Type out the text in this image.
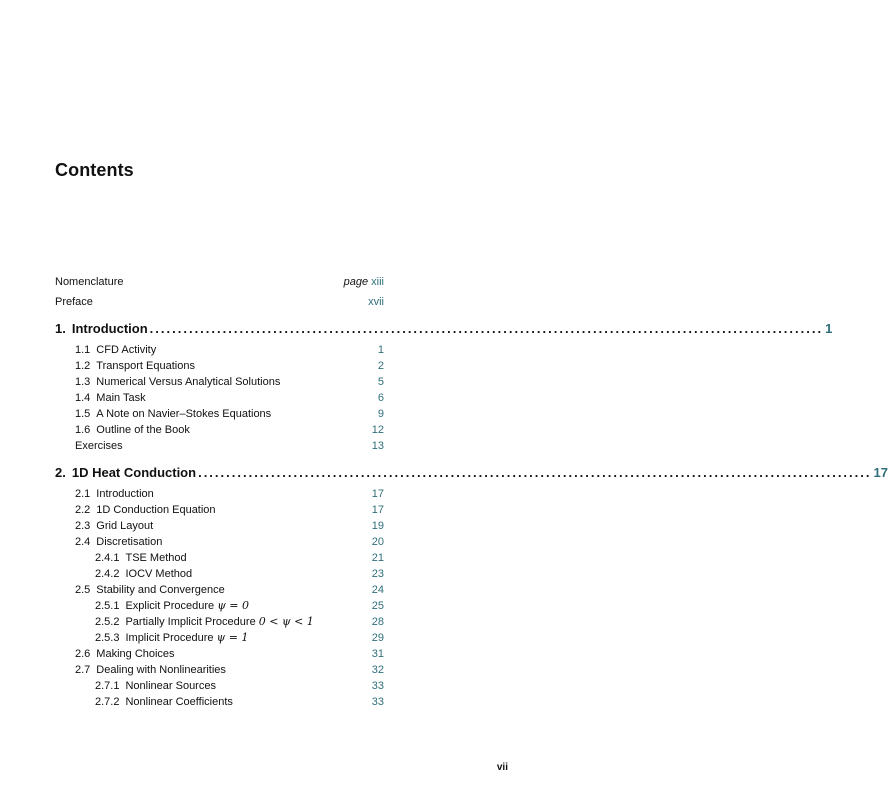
Contents
Nomenclature	page xiii
Preface	xvii
1. Introduction ........................................................................................................................ 1
1.1 CFD Activity	1
1.2 Transport Equations	2
1.3 Numerical Versus Analytical Solutions	5
1.4 Main Task	6
1.5 A Note on Navier–Stokes Equations	9
1.6 Outline of the Book	12
Exercises	13
2. 1D Heat Conduction ........................................................................................................................ 17
2.1 Introduction	17
2.2 1D Conduction Equation	17
2.3 Grid Layout	19
2.4 Discretisation	20
2.4.1 TSE Method	21
2.4.2 IOCV Method	23
2.5 Stability and Convergence	24
2.5.1 Explicit Procedure ψ = 0	25
2.5.2 Partially Implicit Procedure 0 < ψ < 1	28
2.5.3 Implicit Procedure ψ = 1	29
2.6 Making Choices	31
2.7 Dealing with Nonlinearities	32
2.7.1 Nonlinear Sources	33
2.7.2 Nonlinear Coefficients	33
vii
